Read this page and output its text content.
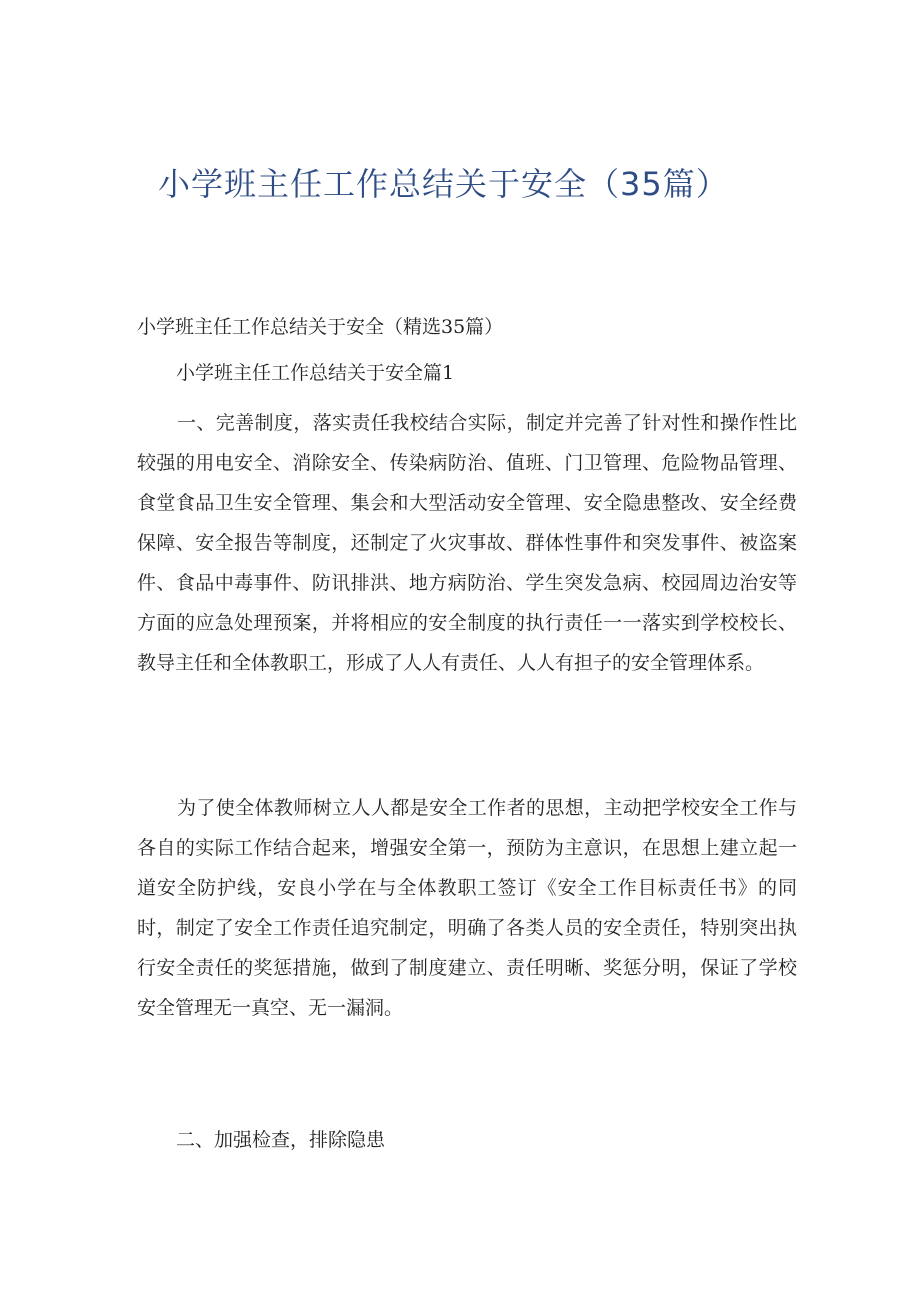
小学班主任工作总结关于安全（35篇）

小学班主任工作总结关于安全（精选35篇）

小学班主任工作总结关于安全篇1

一、完善制度，落实责任我校结合实际，制定并完善了针对性和操作性比较强的用电安全、消除安全、传染病防治、值班、门卫管理、危险物品管理、食堂食品卫生安全管理、集会和大型活动安全管理、安全隐患整改、安全经费保障、安全报告等制度，还制定了火灾事故、群体性事件和突发事件、被盗案件、食品中毒事件、防讯排洪、地方病防治、学生突发急病、校园周边治安等方面的应急处理预案，并将相应的安全制度的执行责任一一落实到学校校长、教导主任和全体教职工，形成了人人有责任、人人有担子的安全管理体系。

为了使全体教师树立人人都是安全工作者的思想，主动把学校安全工作与各自的实际工作结合起来，增强安全第一，预防为主意识，在思想上建立起一道安全防护线，安良小学在与全体教职工签订《安全工作目标责任书》的同时，制定了安全工作责任追究制定，明确了各类人员的安全责任，特别突出执行安全责任的奖惩措施，做到了制度建立、责任明晰、奖惩分明，保证了学校安全管理无一真空、无一漏洞。

二、加强检查，排除隐患
